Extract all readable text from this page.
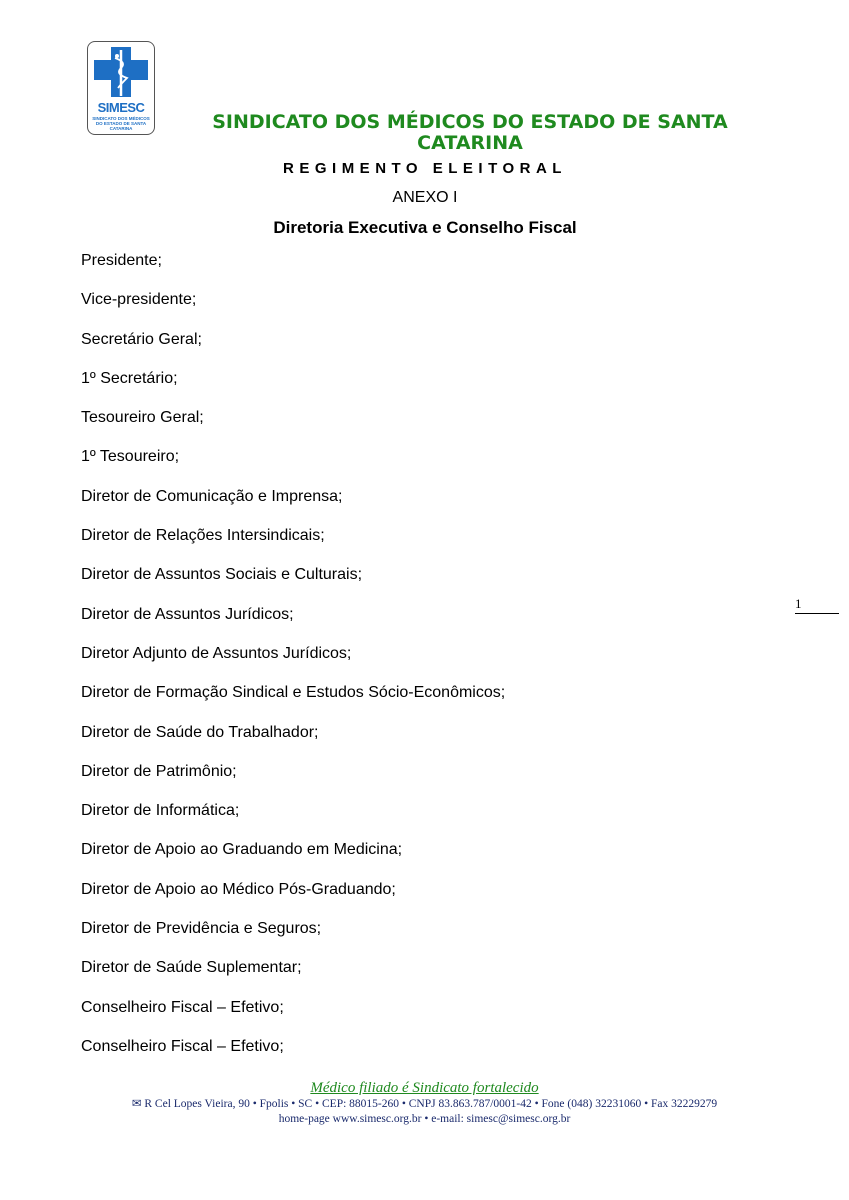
SIMESC
SINDICATO DOS MÉDICOS DO ESTADO DE SANTA CATARINA	SINDICATO DOS MÉDICOS DO ESTADO DE SANTA CATARINA
REGIMENTO ELEITORAL
ANEXO I
Diretoria Executiva e Conselho Fiscal
Presidente;
Vice-presidente;
Secretário Geral;
1º Secretário;
Tesoureiro Geral;
1º Tesoureiro;
Diretor de Comunicação e Imprensa;
Diretor de Relações Intersindicais;
Diretor de Assuntos Sociais e Culturais;
Diretor de Assuntos Jurídicos;
Diretor Adjunto de Assuntos Jurídicos;
Diretor de Formação Sindical e Estudos Sócio-Econômicos;
Diretor de Saúde do Trabalhador;
Diretor de Patrimônio;
Diretor de Informática;
Diretor de Apoio ao Graduando em Medicina;
Diretor de Apoio ao Médico Pós-Graduando;
Diretor de Previdência e Seguros;
Diretor de Saúde Suplementar;
Conselheiro Fiscal – Efetivo;
Conselheiro Fiscal – Efetivo;
1
Médico filiado é Sindicato fortalecido
✉ R Cel Lopes Vieira, 90 • Fpolis • SC • CEP: 88015-260 • CNPJ 83.863.787/0001-42 • Fone (048) 32231060 • Fax 32229279
home-page www.simesc.org.br • e-mail: simesc@simesc.org.br
